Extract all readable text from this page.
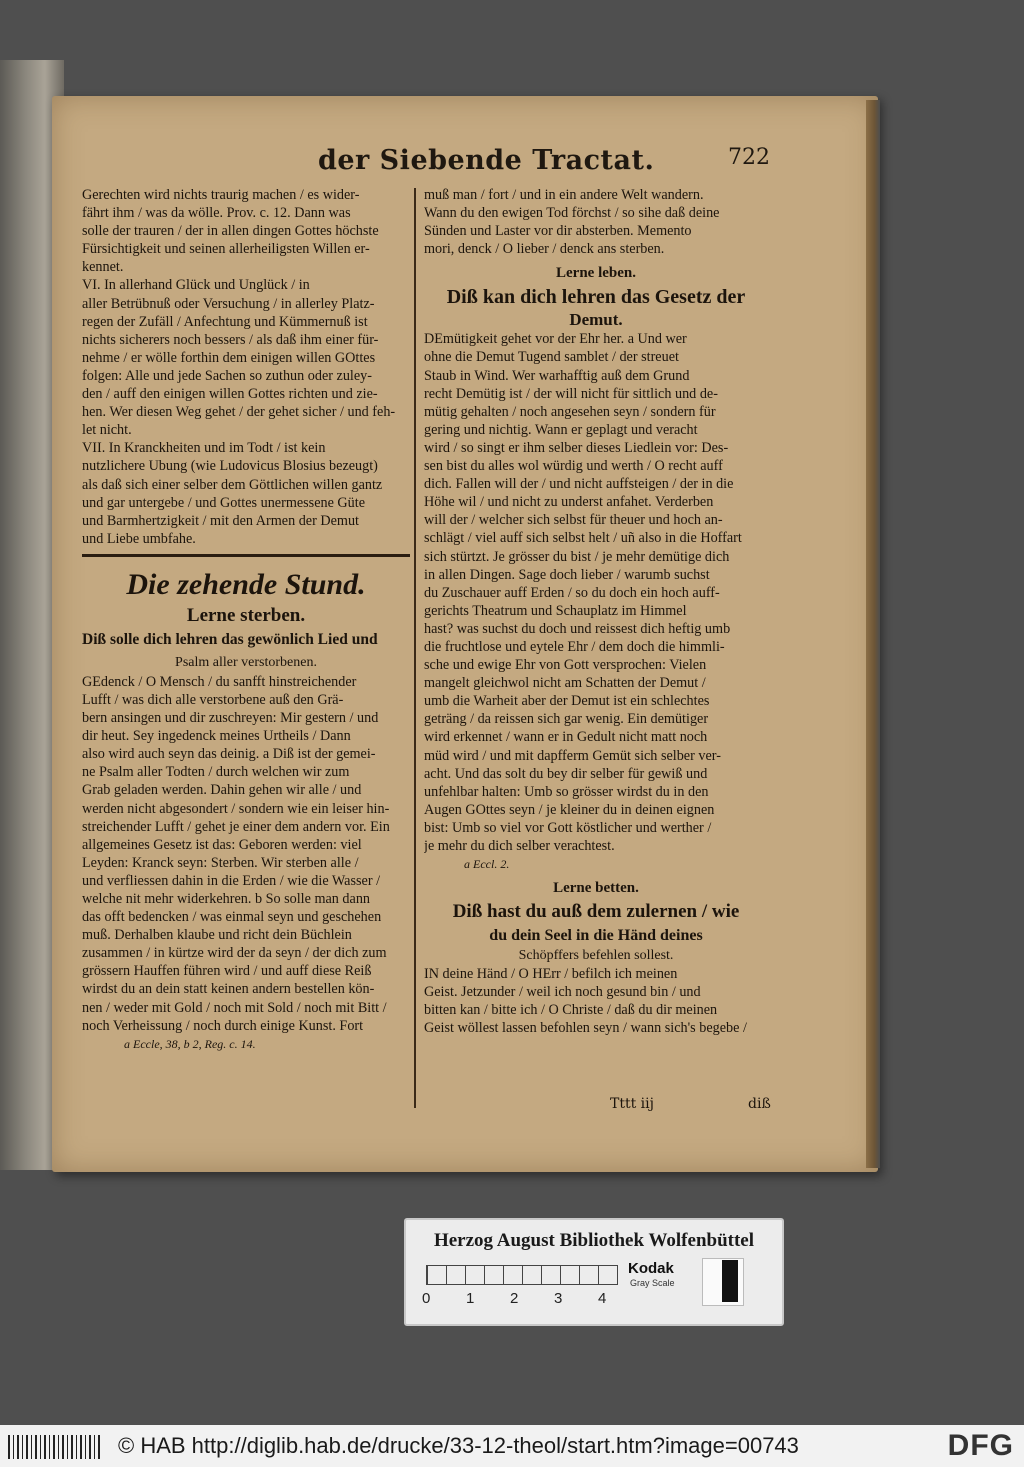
der Siebende Tractat.	722
Gerechten wird nichts traurig machen / es wider-
fährt ihm / was da wölle. Prov. c. 12. Dann was
solle der trauren / der in allen dingen Gottes höchste
Fürsichtigkeit und seinen allerheiligsten Willen er-
kennet.
VI. In allerhand Glück und Unglück / in
aller Betrübnuß oder Versuchung / in allerley Platz-
regen der Zufäll / Anfechtung und Kümmernuß ist
nichts sicherers noch bessers / als daß ihm einer für-
nehme / er wölle forthin dem einigen willen GOttes
folgen: Alle und jede Sachen so zuthun oder zuley-
den / auff den einigen willen Gottes richten und zie-
hen. Wer diesen Weg gehet / der gehet sicher / und feh-
let nicht.
VII. In Kranckheiten und im Todt / ist kein
nutzlichere Ubung (wie Ludovicus Blosius bezeugt)
als daß sich einer selber dem Göttlichen willen gantz
und gar untergebe / und Gottes unermessene Güte
und Barmhertzigkeit / mit den Armen der Demut
und Liebe umbfahe.
Die zehende Stund.
Lerne sterben.
Diß solle dich lehren das gewönlich Lied und
Psalm aller verstorbenen.
GEdenck / O Mensch / du sanfft hinstreichender
Lufft / was dich alle verstorbene auß den Grä-
bern ansingen und dir zuschreyen: Mir gestern / und
dir heut. Sey ingedenck meines Urtheils / Dann
also wird auch seyn das deinig. a Diß ist der gemei-
ne Psalm aller Todten / durch welchen wir zum
Grab geladen werden. Dahin gehen wir alle / und
werden nicht abgesondert / sondern wie ein leiser hin-
streichender Lufft / gehet je einer dem andern vor. Ein
allgemeines Gesetz ist das: Geboren werden: viel
Leyden: Kranck seyn: Sterben. Wir sterben alle /
und verfliessen dahin in die Erden / wie die Wasser /
welche nit mehr widerkehren. b So solle man dann
das offt bedencken / was einmal seyn und geschehen
muß. Derhalben klaube und richt dein Büchlein
zusammen / in kürtze wird der da seyn / der dich zum
grössern Hauffen führen wird / und auff diese Reiß
wirdst du an dein statt keinen andern bestellen kön-
nen / weder mit Gold / noch mit Sold / noch mit Bitt /
noch Verheissung / noch durch einige Kunst. Fort
a Eccle, 38, b 2, Reg. c. 14.
muß man / fort / und in ein andere Welt wandern.
Wann du den ewigen Tod förchst / so sihe daß deine
Sünden und Laster vor dir absterben. Memento
mori, denck / O lieber / denck ans sterben.
Lerne leben.
Diß kan dich lehren das Gesetz der
Demut.
DEmütigkeit gehet vor der Ehr her. a Und wer
ohne die Demut Tugend samblet / der streuet
Staub in Wind. Wer warhafftig auß dem Grund
recht Demütig ist / der will nicht für sittlich und de-
mütig gehalten / noch angesehen seyn / sondern für
gering und nichtig. Wann er geplagt und veracht
wird / so singt er ihm selber dieses Liedlein vor: Des-
sen bist du alles wol würdig und werth / O recht auff
dich. Fallen will der / und nicht auffsteigen / der in die
Höhe wil / und nicht zu underst anfahet. Verderben
will der / welcher sich selbst für theuer und hoch an-
schlägt / viel auff sich selbst helt / uñ also in die Hoffart
sich stürtzt. Je grösser du bist / je mehr demütige dich
in allen Dingen. Sage doch lieber / warumb suchst
du Zuschauer auff Erden / so du doch ein hoch auff-
gerichts Theatrum und Schauplatz im Himmel
hast? was suchst du doch und reissest dich heftig umb
die fruchtlose und eytele Ehr / dem doch die himmli-
sche und ewige Ehr von Gott versprochen: Vielen
mangelt gleichwol nicht am Schatten der Demut /
umb die Warheit aber der Demut ist ein schlechtes
geträng / da reissen sich gar wenig. Ein demütiger
wird erkennet / wann er in Gedult nicht matt noch
müd wird / und mit dapfferm Gemüt sich selber ver-
acht. Und das solt du bey dir selber für gewiß und
unfehlbar halten: Umb so grösser wirdst du in den
Augen GOttes seyn / je kleiner du in deinen eignen
bist: Umb so viel vor Gott köstlicher und werther /
je mehr du dich selber verachtest.
a Eccl. 2.
Lerne betten.
Diß hast du auß dem zulernen / wie
du dein Seel in die Händ deines
Schöpffers befehlen sollest.
IN deine Händ / O HErr / befilch ich meinen
Geist. Jetzunder / weil ich noch gesund bin / und
bitten kan / bitte ich / O Christe / daß du dir meinen
Geist wöllest lassen befohlen seyn / wann sich's begebe /
Tttt iij	diß
Herzog August Bibliothek Wolfenbüttel
0 1 2 3 4
Kodak
Gray Scale
© HAB http://diglib.hab.de/drucke/33-12-theol/start.htm?image=00743	DFG
